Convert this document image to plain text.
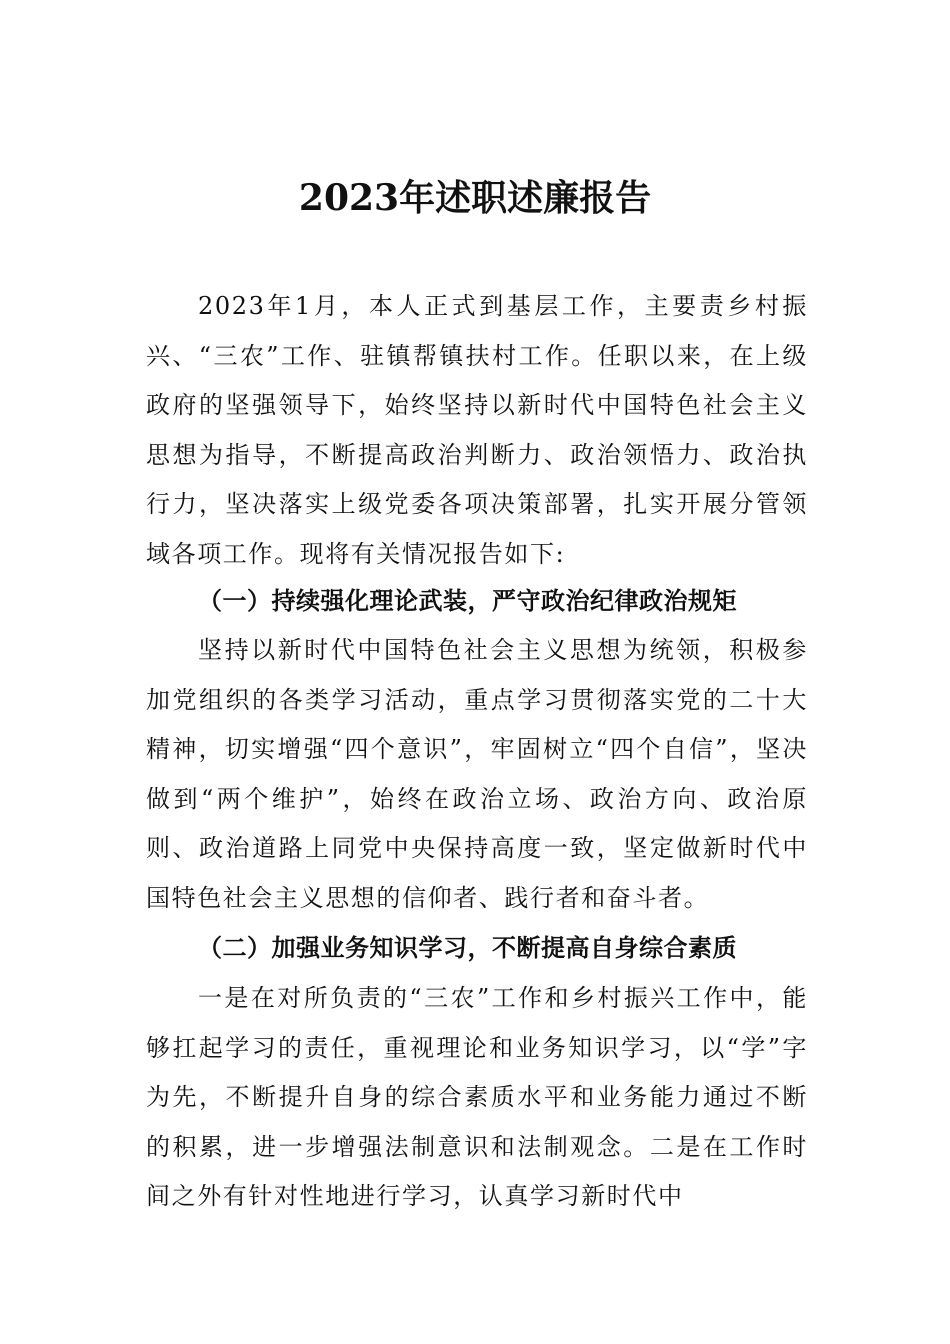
2023年述职述廉报告

2023年1月，本人正式到基层工作，主要责乡村振兴、“三农”工作、驻镇帮镇扶村工作。任职以来，在上级政府的坚强领导下，始终坚持以新时代中国特色社会主义思想为指导，不断提高政治判断力、政治领悟力、政治执行力，坚决落实上级党委各项决策部署，扎实开展分管领域各项工作。现将有关情况报告如下:

（一）持续强化理论武装，严守政治纪律政治规矩

坚持以新时代中国特色社会主义思想为统领，积极参加党组织的各类学习活动，重点学习贯彻落实党的二十大精神，切实增强“四个意识”，牢固树立“四个自信”，坚决做到“两个维护”，始终在政治立场、政治方向、政治原则、政治道路上同党中央保持高度一致，坚定做新时代中国特色社会主义思想的信仰者、践行者和奋斗者。

（二）加强业务知识学习，不断提高自身综合素质

一是在对所负责的“三农”工作和乡村振兴工作中，能够扛起学习的责任，重视理论和业务知识学习，以“学”字为先，不断提升自身的综合素质水平和业务能力通过不断的积累，进一步增强法制意识和法制观念。二是在工作时间之外有针对性地进行学习，认真学习新时代中
